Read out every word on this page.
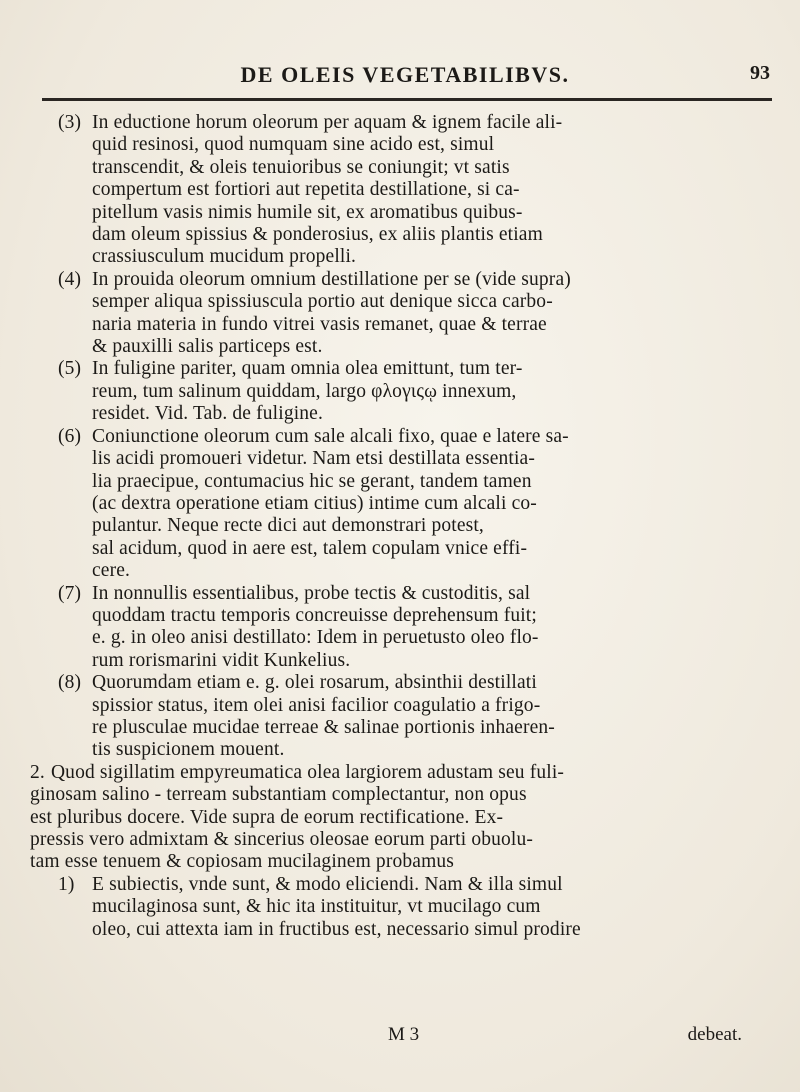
DE OLEIS VEGETABILIBVS.	93
(3) In eductione horum oleorum per aquam & ignem facile ali-
quid resinosi, quod numquam sine acido est, simul
transcendit, & oleis tenuioribus se coniungit; vt satis
compertum est fortiori aut repetita destillatione, si ca-
pitellum vasis nimis humile sit, ex aromatibus quibus-
dam oleum spissius & ponderosius, ex aliis plantis etiam
crassiusculum mucidum propelli.
(4) In prouida oleorum omnium destillatione per se (vide supra)
semper aliqua spissiuscula portio aut denique sicca carbo-
naria materia in fundo vitrei vasis remanet, quae & terrae
& pauxilli salis particeps est.
(5) In fuligine pariter, quam omnia olea emittunt, tum ter-
reum, tum salinum quiddam, largo φλογιςῳ innexum,
residet. Vid. Tab. de fuligine.
(6) Coniunctione oleorum cum sale alcali fixo, quae e latere sa-
lis acidi promoueri videtur. Nam etsi destillata essentia-
lia praecipue, contumacius hic se gerant, tandem tamen
(ac dextra operatione etiam citius) intime cum alcali co-
pulantur. Neque recte dici aut demonstrari potest,
sal acidum, quod in aere est, talem copulam vnice effi-
cere.
(7) In nonnullis essentialibus, probe tectis & custoditis, sal
quoddam tractu temporis concreuisse deprehensum fuit;
e. g. in oleo anisi destillato: Idem in peruetusto oleo flo-
rum rorismarini vidit Kunkelius.
(8) Quorumdam etiam e. g. olei rosarum, absinthii destillati
spissior status, item olei anisi facilior coagulatio a frigo-
re plusculae mucidae terreae & salinae portionis inhaeren-
tis suspicionem mouent.
2. Quod sigillatim empyreumatica olea largiorem adustam seu fuli-

ginosam salino - terream substantiam complectantur, non opus
est pluribus docere. Vide supra de eorum rectificatione. Ex-
pressis vero admixtam & sincerius oleosae eorum parti obuolu-
tam esse tenuem & copiosam mucilaginem probamus
1) E subiectis, vnde sunt, & modo eliciendi. Nam & illa simul
mucilaginosa sunt, & hic ita instituitur, vt mucilago cum
oleo, cui attexta iam in fructibus est, necessario simul prodire
M 3	debeat.
